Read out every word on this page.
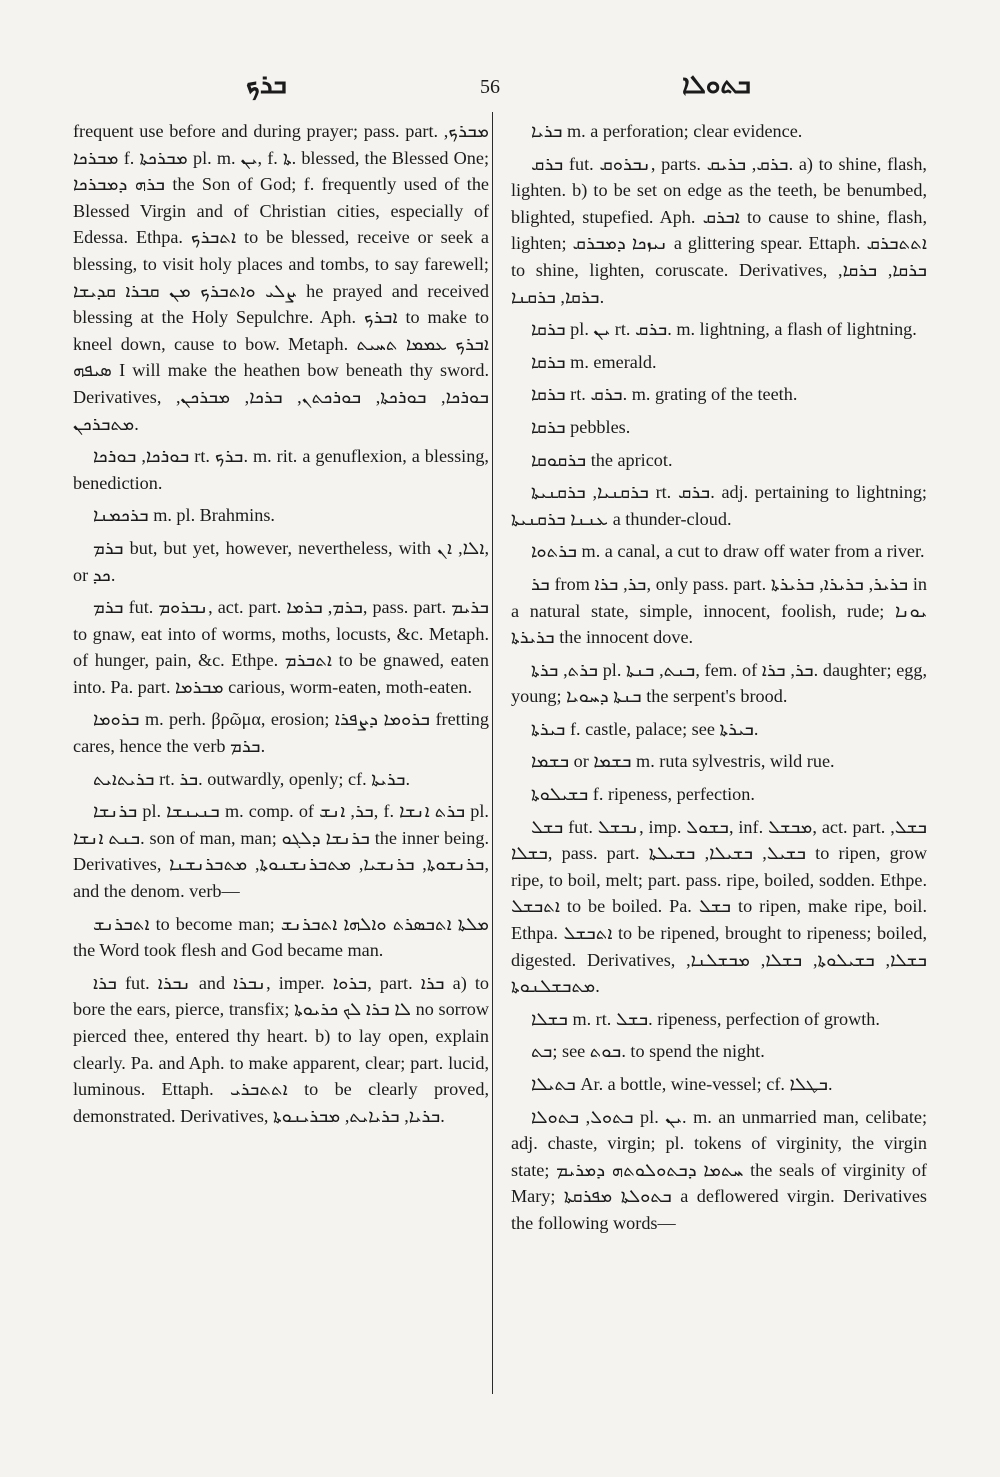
ܒܪܟ	56	ܒܬܘܠܐ

frequent use before and during prayer; pass. part. ܡܒܪܟ, ܡܒܪܟܐ f. ܡܒܪܟܬܐ pl. m. ܝܢ, f. ܬܐ. blessed, the Blessed One; ܒܪܗ ܕܡܒܪܟܐ the Son of God; f. frequently used of the Blessed Virgin and of Christian cities, especially of Edessa. Ethpa. ܐܬܒܪܟ to be blessed, receive or seek a blessing, to visit holy places and tombs, to say farewell; ܨܠܝ ܘܐܬܒܪܟ ܡܢ ܩܒܪܐ ܩܕܝܫܐ he prayed and received blessing at the Holy Sepulchre. Aph. ܐܒܪܟ to make to kneel down, cause to bow. Metaph. ܐܒܪܟ ܥܡܡܐ ܬܚܝܬ ܣܝܦܗ I will make the heathen bow beneath thy sword. Derivatives, ܒܘܪܟܐ, ܒܘܪܟܬܐ, ܒܘܪܟܬܢ, ܒܪܟܐ, ܡܒܪܟܢ, ܡܬܒܪܟܢ.

ܒܘܪܟܐ, ܒܘܪܟܐ rt. ܒܪܟ. m. rit. a genuflexion, a blessing, benediction.

ܒܪܟܡܢܐ m. pl. Brahmins.

ܒܪܡ but, but yet, however, nevertheless, with ܐܠܐ, ܐܢ, or ܟܕ.

ܒܪܡ fut. ܢܒܪܘܡ, act. part. ܒܪܡ, ܒܪܡܐ, pass. part. ܒܪܝܡ to gnaw, eat into of worms, moths, locusts, &c. Metaph. of hunger, pain, &c. Ethpe. ܐܬܒܪܡ to be gnawed, eaten into. Pa. part. ܡܒܪܡܐ carious, worm-eaten, moth-eaten.

ܒܪܘܡܐ m. perh. βρῶμα, erosion; ܒܪܘܡܐ ܕܨܦܪܐ fretting cares, hence the verb ܒܪܡ.

ܒܪܝܬܐܝܬ rt. ܒܪ. outwardly, openly; cf. ܒܪܝܬܐ.

ܒܪܢܫܐ pl. ܒܢܝܢܫܐ m. comp. of ܒܪ, ܐܢܫ, f. ܒܪܬ ܐܢܫܐ pl. ܒܢܬ ܐܢܫܐ. son of man, man; ܒܪܢܫܐ ܕܠܓܘ the inner being. Derivatives, ܒܪܢܫܘܬܐ, ܒܪܢܫܝܐ, ܡܬܒܪܢܫܢܘܬܐ, ܡܬܒܪܢܫܢܐ, and the denom. verb—

ܐܬܒܪܢܫ to become man; ܡܠܬܐ ܐܬܒܣܪܬ ܘܐܠܗܐ ܐܬܒܪܢܫ the Word took flesh and God became man.

ܒܪܐ fut. ܢܒܪܐ and ܢܒܪܐ, imper. ܒܪܘܐ, part. ܒܪܐ a) to bore the ears, pierce, transfix; ܠܐ ܒܪܐ ܠܟ ܟܪܝܘܬܐ no sorrow pierced thee, entered thy heart. b) to lay open, explain clearly. Pa. and Aph. to make apparent, clear; part. lucid, luminous. Ettaph. ܐܬܬܒܪܝ to be clearly proved, demonstrated. Derivatives, ܒܪܝܐ, ܒܪܝܐܝܬ, ܡܒܪܝܢܘܬܐ.

ܒܪܝܐ m. a perforation; clear evidence.

ܒܪܩ fut. ܢܒܪܘܩ, parts. ܒܪܩ, ܒܪܝܩ. a) to shine, flash, lighten. b) to be set on edge as the teeth, be benumbed, blighted, stupefied. Aph. ܐܒܪܩ to cause to shine, flash, lighten; ܢܝܙܟܐ ܕܡܒܪܩ a glittering spear. Ettaph. ܐܬܬܒܪܩ to shine, lighten, coruscate. Derivatives, ܒܪܩܐ, ܒܪܩܐ, ܒܪܩܐ, ܒܪܩܢܐ.

ܒܪܩܐ pl. ܝܢ rt. ܒܪܩ. m. lightning, a flash of lightning.

ܒܪܩܐ m. emerald.

ܒܪܩܐ rt. ܒܪܩ. m. grating of the teeth.

ܒܪܩܐ pebbles.

ܒܪܩܘܩܐ the apricot.

ܒܪܩܢܝܐ, ܒܪܩܢܝܬܐ rt. ܒܪܩ. adj. pertaining to lightning; ܥܢܢܐ ܒܪܩܢܝܬܐ a thunder-cloud.

ܒܪܬܘܐ m. a canal, a cut to draw off water from a river.

ܒܪ from ܒܪ, ܒܪܐ, only pass. part. ܒܪܝܪ, ܒܪܝܪܐ, ܒܪܝܪܬܐ in a natural state, simple, innocent, foolish, rude; ܝܘܢܐ ܒܪܝܪܬܐ the innocent dove.

ܒܪܬ, ܒܪܬܐ pl. ܒܢܬ, ܒܢܬܐ, fem. of ܒܪ, ܒܪܐ. daughter; egg, young; ܒܢܬܐ ܕܚܘܝܐ the serpent's brood.

ܒܝܪܬܐ f. castle, palace; see ܒܝܪܬܐ.

ܒܫܡܐ or ܒܫܡܐ m. ruta sylvestris, wild rue.

ܒܫܝܠܘܬܐ f. ripeness, perfection.

ܒܫܠ fut. ܢܒܫܠ, imp. ܒܫܘܠ, inf. ܡܒܫܠ, act. part. ܒܫܠ, ܒܫܠܐ, pass. part. ܒܫܝܠ, ܒܫܝܠܐ, ܒܫܝܠܬܐ to ripen, grow ripe, to boil, melt; part. pass. ripe, boiled, sodden. Ethpe. ܐܬܒܫܠ to be boiled. Pa. ܒܫܠ to ripen, make ripe, boil. Ethpa. ܐܬܒܫܠ to be ripened, brought to ripeness; boiled, digested. Derivatives, ܒܫܠܐ, ܒܫܝܠܘܬܐ, ܒܫܠܐ, ܡܒܫܠܢܐ, ܡܬܒܫܠܢܘܬܐ.

ܒܫܠܐ m. rt. ܒܫܠ. ripeness, perfection of growth.

ܒܬ; see ܒܘܬ. to spend the night.

ܒܬܝܠܐ Ar. a bottle, wine-vessel; cf. ܒܛܠܐ.

ܒܬܘܠ, ܒܬܘܠܐ pl. ܝܢ. m. an unmarried man, celibate; adj. chaste, virgin; pl. tokens of virginity, the virgin state; ܚܬܡܐ ܕܒܬܘܠܘܬܗ ܕܡܪܝܡ the seals of virginity of Mary; ܒܬܘܠܬܐ ܡܦܪܩܬܐ a deflowered virgin. Derivatives the following words—
